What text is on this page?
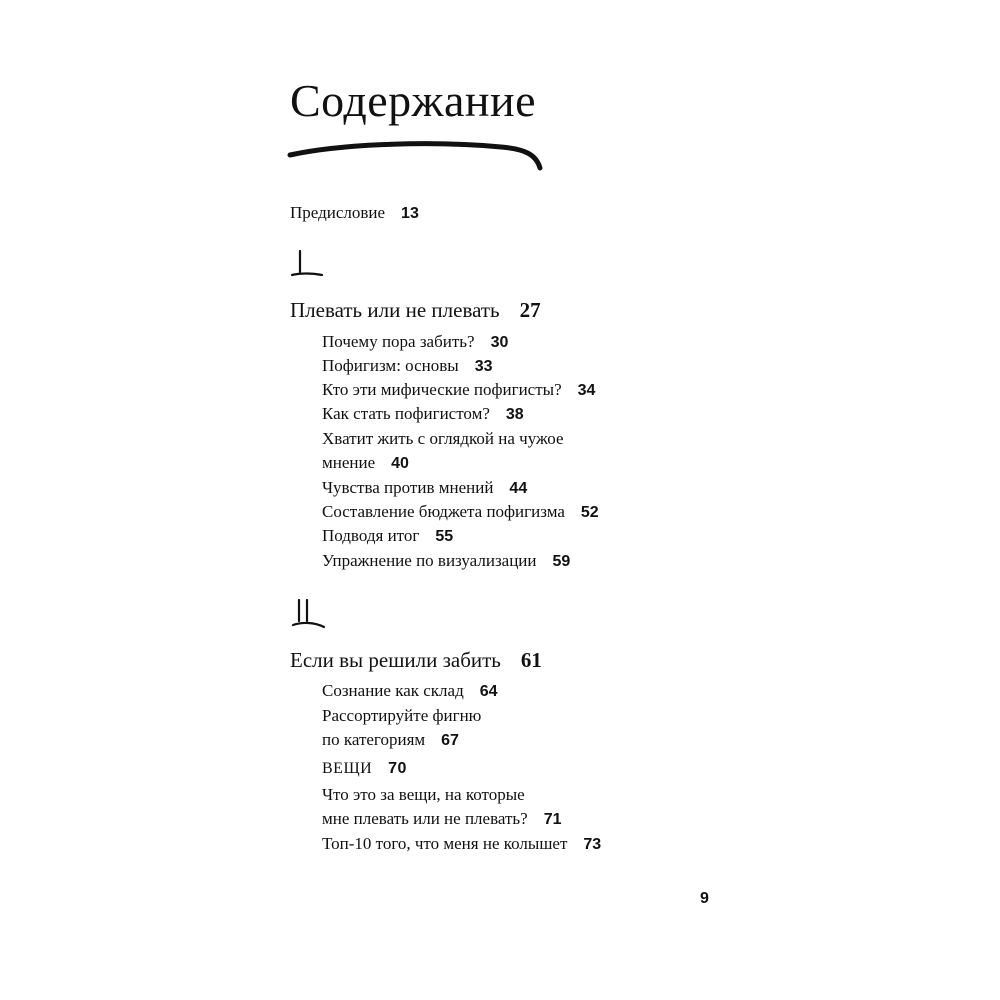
Содержание
Предисловие 13
Плевать или не плевать 27
Почему пора забить? 30
Пофигизм: основы 33
Кто эти мифические пофигисты? 34
Как стать пофигистом? 38
Хватит жить с оглядкой на чужое
мнение 40
Чувства против мнений 44
Составление бюджета пофигизма 52
Подводя итог 55
Упражнение по визуализации 59
Если вы решили забить 61
Сознание как склад 64
Рассортируйте фигню
по категориям 67
ВЕЩИ 70
Что это за вещи, на которые
мне плевать или не плевать? 71
Топ-10 того, что меня не колышет 73
9
